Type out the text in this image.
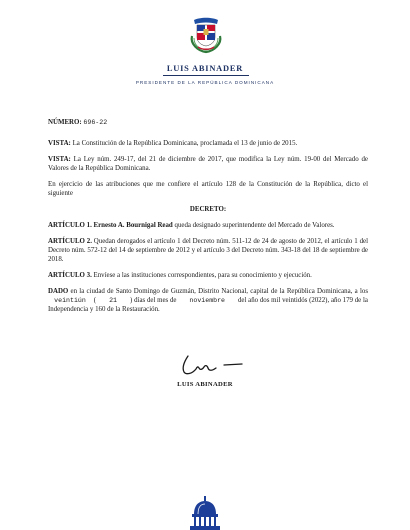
LUIS ABINADER
PRESIDENTE DE LA REPÚBLICA DOMINICANA

NÚMERO: 696-22

VISTA: La Constitución de la República Dominicana, proclamada el 13 de junio de 2015.

VISTA: La Ley núm. 249-17, del 21 de diciembre de 2017, que modifica la Ley núm. 19-00 del Mercado de Valores de la República Dominicana.

En ejercicio de las atribuciones que me confiere el artículo 128 de la Constitución de la República, dicto el siguiente

DECRETO:

ARTÍCULO 1. Ernesto A. Bournigal Read queda designado superintendente del Mercado de Valores.

ARTÍCULO 2. Quedan derogados el artículo 1 del Decreto núm. 511-12 de 24 de agosto de 2012, el artículo 1 del Decreto núm. 572-12 del 14 de septiembre de 2012 y el artículo 3 del Decreto núm. 343-18 del 18 de septiembre de 2018.

ARTÍCULO 3. Envíese a las instituciones correspondientes, para su conocimiento y ejecución.

DADO en la ciudad de Santo Domingo de Guzmán, Distrito Nacional, capital de la República Dominicana, a los veintiún ( 21 ) días del mes de noviembre del año dos mil veintidós (2022), año 179 de la Independencia y 160 de la Restauración.

LUIS ABINADER
